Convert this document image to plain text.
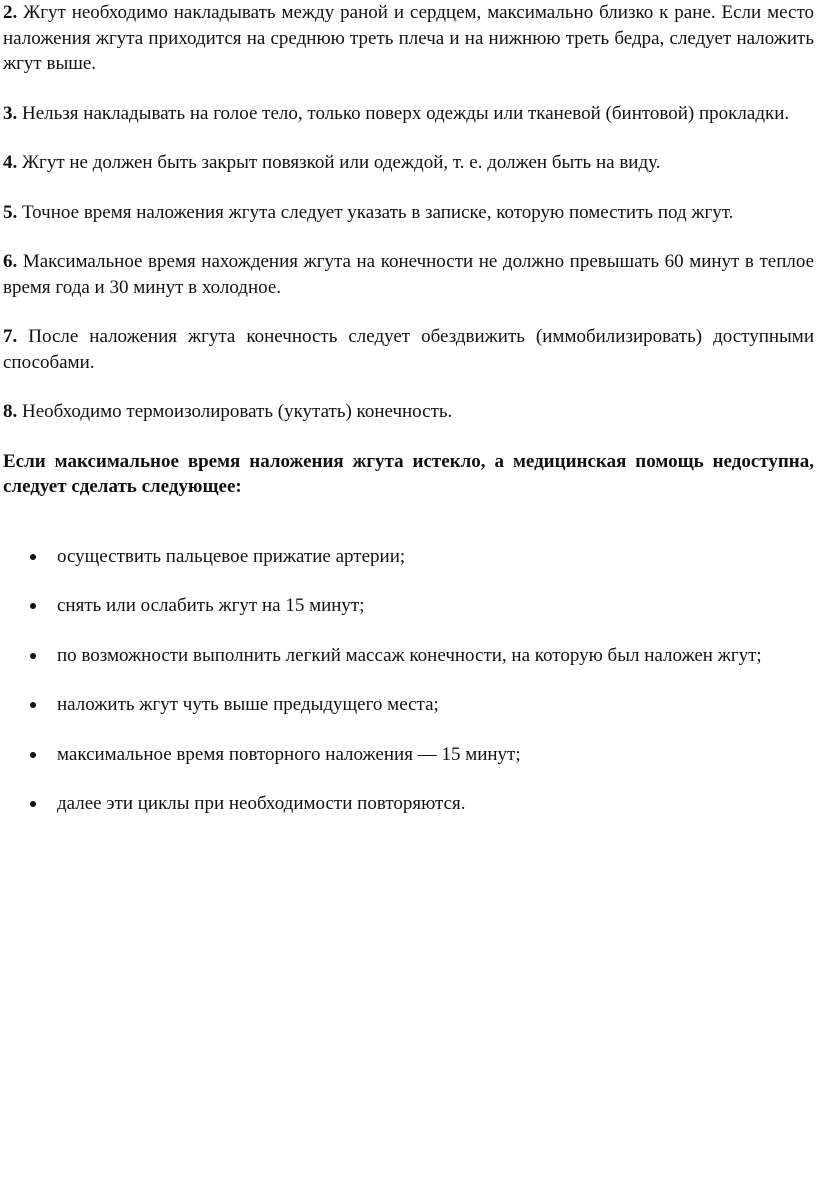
2. Жгут необходимо накладывать между раной и сердцем, максимально близко к ране. Если место наложения жгута приходится на среднюю треть плеча и на нижнюю треть бедра, следует наложить жгут выше.

3. Нельзя накладывать на голое тело, только поверх одежды или тканевой (бинтовой) прокладки.

4. Жгут не должен быть закрыт повязкой или одеждой, т. е. должен быть на виду.

5. Точное время наложения жгута следует указать в записке, которую поместить под жгут.

6. Максимальное время нахождения жгута на конечности не должно превышать 60 минут в теплое время года и 30 минут в холодное.

7. После наложения жгута конечность следует обездвижить (иммобилизировать) доступными способами.

8. Необходимо термоизолировать (укутать) конечность.

Если максимальное время наложения жгута истекло, а медицинская помощь недоступна, следует сделать следующее:

осуществить пальцевое прижатие артерии;
снять или ослабить жгут на 15 минут;
по возможности выполнить легкий массаж конечности, на которую был наложен жгут;
наложить жгут чуть выше предыдущего места;
максимальное время повторного наложения — 15 минут;
далее эти циклы при необходимости повторяются.
